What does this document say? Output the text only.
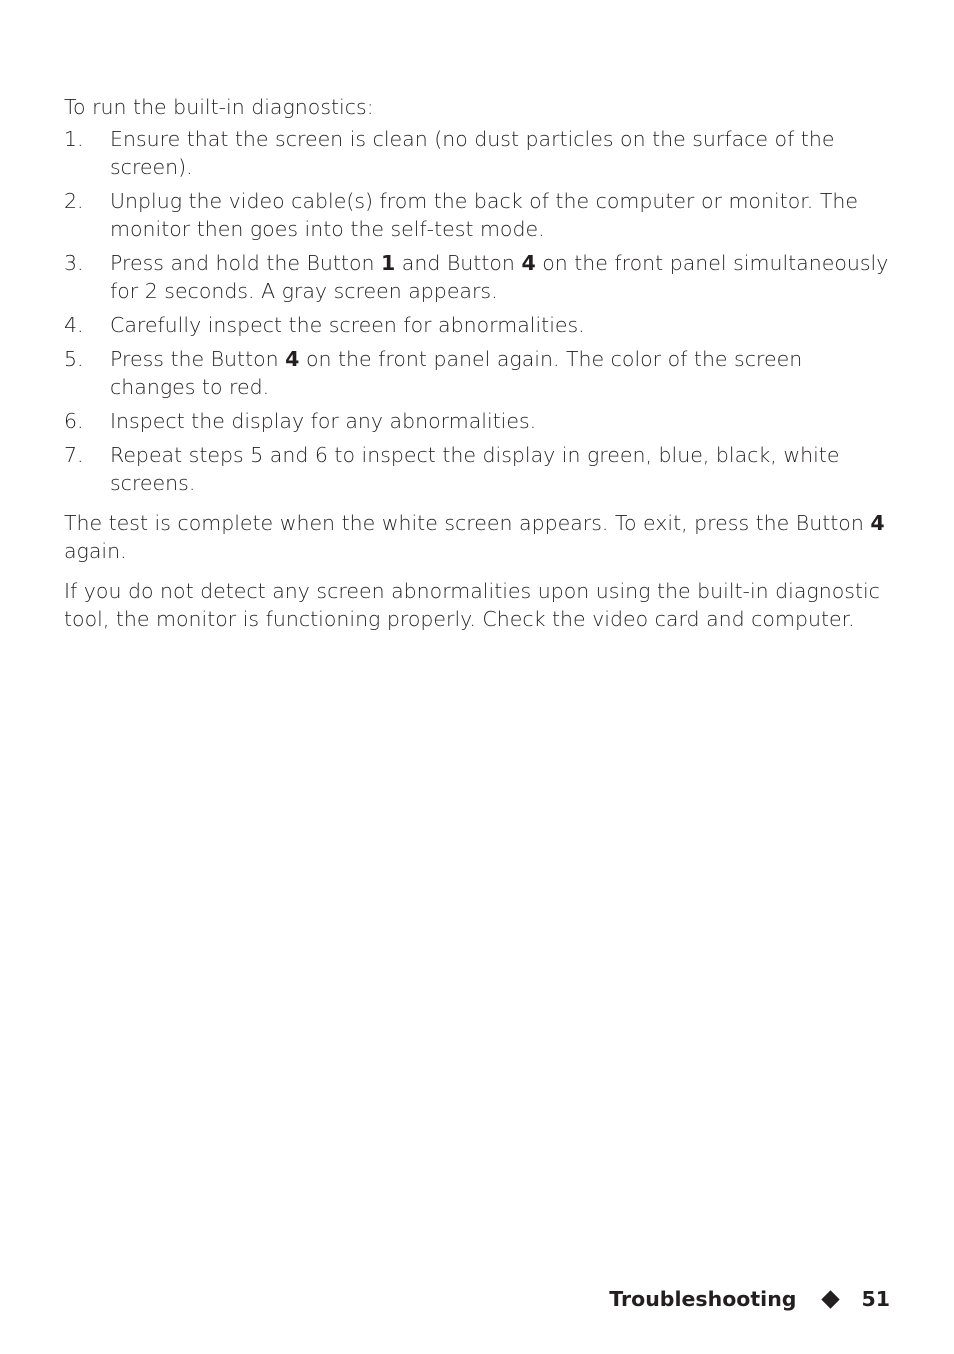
To run the built-in diagnostics:

1. Ensure that the screen is clean (no dust particles on the surface of the screen).
2. Unplug the video cable(s) from the back of the computer or monitor. The monitor then goes into the self-test mode.
3. Press and hold the Button 1 and Button 4 on the front panel simultaneously for 2 seconds. A gray screen appears.
4. Carefully inspect the screen for abnormalities.
5. Press the Button 4 on the front panel again. The color of the screen changes to red.
6. Inspect the display for any abnormalities.
7. Repeat steps 5 and 6 to inspect the display in green, blue, black, white screens.

The test is complete when the white screen appears. To exit, press the Button 4 again.

If you do not detect any screen abnormalities upon using the built-in diagnostic tool, the monitor is functioning properly. Check the video card and computer.

Troubleshooting	51
